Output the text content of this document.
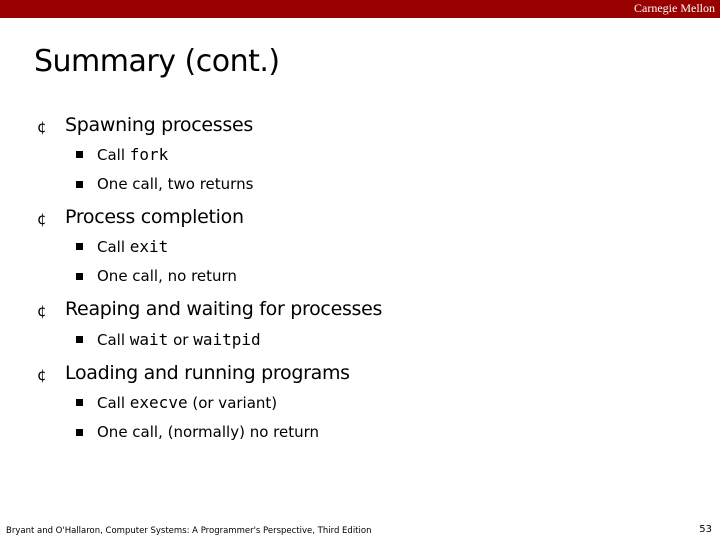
Carnegie Mellon
Summary (cont.)
¢ Spawning processes
Call fork
One call, two returns
¢ Process completion
Call exit
One call, no return
¢ Reaping and waiting for processes
Call wait or waitpid
¢ Loading and running programs
Call execve (or variant)
One call, (normally) no return
Bryant and O'Hallaron, Computer Systems: A Programmer's Perspective, Third Edition	53
